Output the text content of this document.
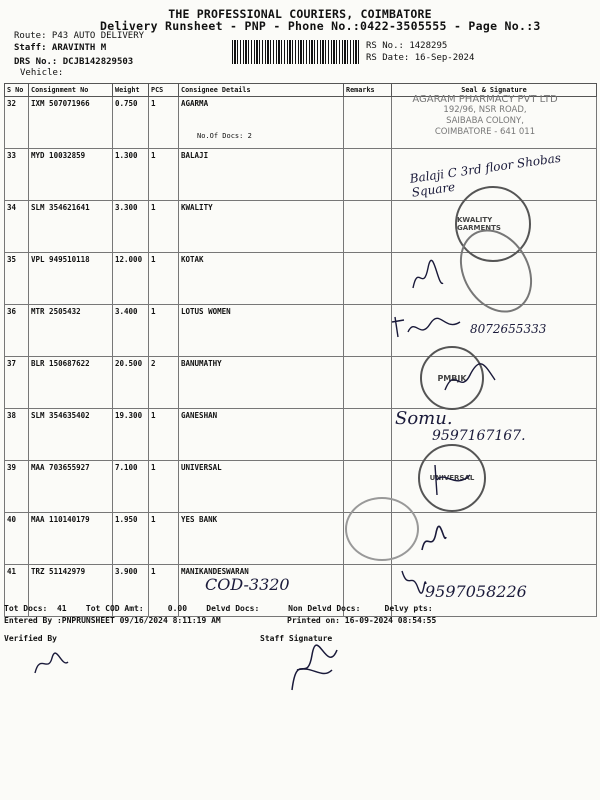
THE PROFESSIONAL COURIERS, COIMBATORE
Delivery Runsheet - PNP - Phone No.:0422-3505555 - Page No.:3
Route: P43 AUTO DELIVERY
Staff: ARAVINTH M
DRS No.: DCJB142829503
Vehicle:
RS No.: 1428295
RS Date: 16-Sep-2024
S No	Consignment No	Weight	PCS	Consignee Details	Remarks	Seal & Signature
32	IXM 507071966	0.750	1	AGARMA
No.Of Docs: 2		

33	MYD 10032859	1.300	1	BALAJI		
34	SLM 354621641	3.300	1	KWALITY		
35	VPL 949510118	12.000	1	KOTAK		
36	MTR 2505432	3.400	1	LOTUS WOMEN		
37	BLR 150687622	20.500	2	BANUMATHY		
38	SLM 354635402	19.300	1	GANESHAN		
39	MAA 703655927	7.100	1	UNIVERSAL		
40	MAA 110140179	1.950	1	YES BANK		
41	TRZ 51142979	3.900	1	MANIKANDESWARAN		
AGARAM PHARMACY PVT LTD
192/96, NSR ROAD,
SAIBABA COLONY,
COIMBATORE - 641 011
Balaji C 3rd floor Shobas Square
KWALITY GARMENTS
8072655333
PMBJK
Somu.
9597167167.
UNIVERSAL
COD-3320	9597058226
Tot Docs:  41    Tot COD Amt:     0.00    Delvd Docs:      Non Delvd Docs:     Delvy pts:
Entered By :PNPRUNSHEET 09/16/2024 8:11:19 AM	Printed on: 16-09-2024 08:54:55
Verified By	Staff Signature
